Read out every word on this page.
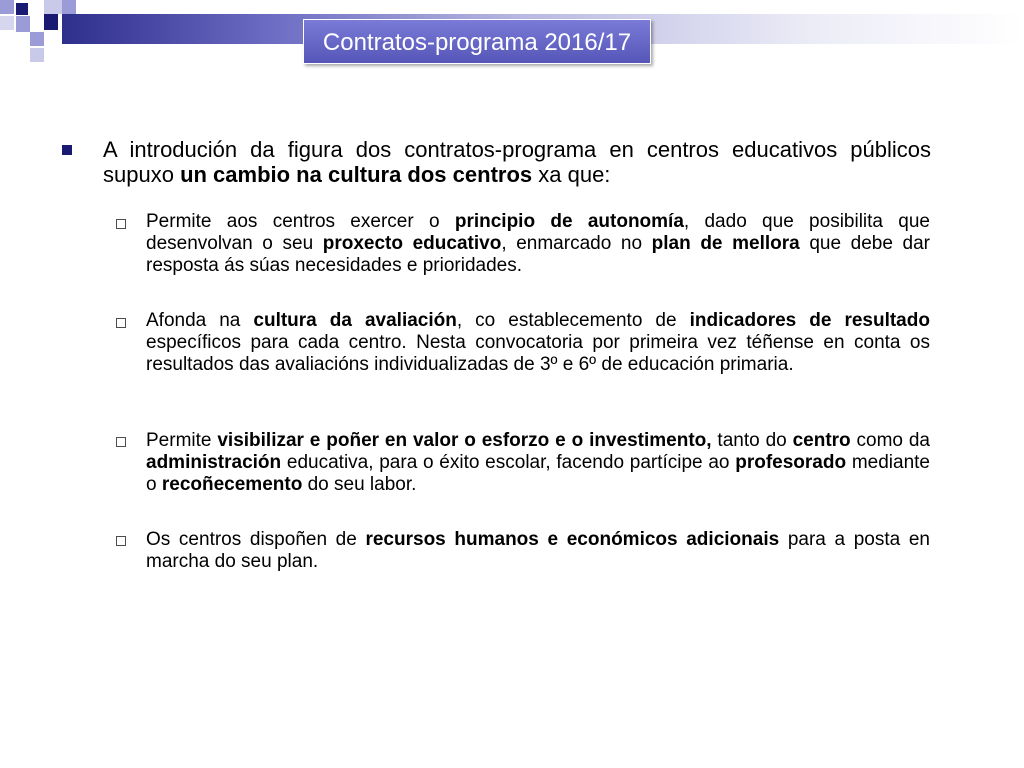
Contratos-programa 2016/17

A introdución da figura dos contratos-programa en centros educativos públicos supuxo un cambio na cultura dos centros xa que:

Permite aos centros exercer o principio de autonomía, dado que posibilita que desenvolvan o seu proxecto educativo, enmarcado no plan de mellora que debe dar resposta ás súas necesidades e prioridades.

Afonda na cultura da avaliación, co establecemento de indicadores de resultado específicos para cada centro. Nesta convocatoria por primeira vez téñense en conta os resultados das avaliacións individualizadas de 3º e 6º de educación primaria.

Permite visibilizar e poñer en valor o esforzo e o investimento, tanto do centro como da administración educativa, para o éxito escolar, facendo partícipe ao profesorado mediante o recoñecemento do seu labor.

Os centros dispoñen de recursos humanos e económicos adicionais para a posta en marcha do seu plan.
